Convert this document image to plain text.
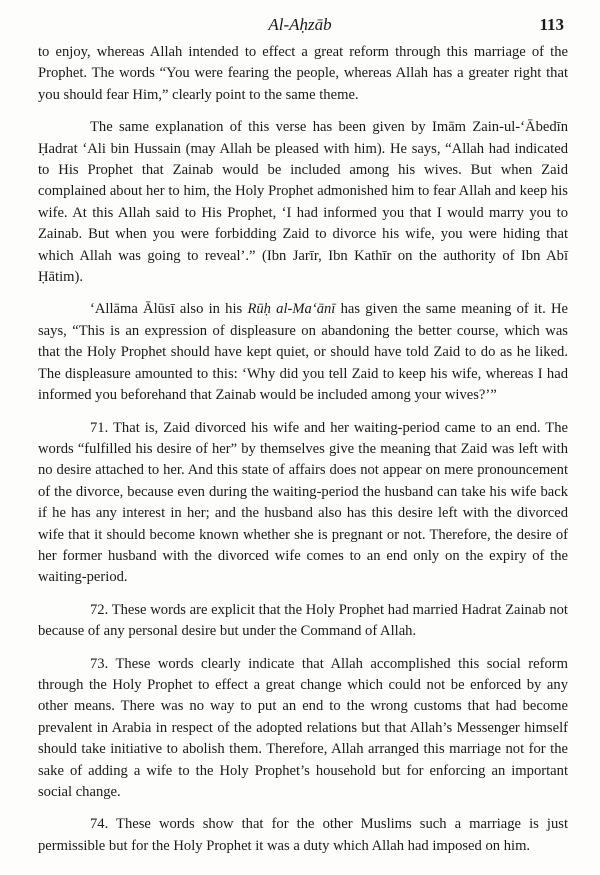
Al-Aḥzāb	113

to enjoy, whereas Allah intended to effect a great reform through this marriage of the Prophet. The words “You were fearing the people, whereas Allah has a greater right that you should fear Him,” clearly point to the same theme.

The same explanation of this verse has been given by Imām Zain-ul-‘Ābedīn Ḥadrat ‘Ali bin Hussain (may Allah be pleased with him). He says, “Allah had indicated to His Prophet that Zainab would be included among his wives. But when Zaid complained about her to him, the Holy Prophet admonished him to fear Allah and keep his wife. At this Allah said to His Prophet, ‘I had informed you that I would marry you to Zainab. But when you were forbidding Zaid to divorce his wife, you were hiding that which Allah was going to reveal’.” (Ibn Jarīr, Ibn Kathīr on the authority of Ibn Abī Ḥātim).

‘Allāma Ālūsī also in his Rūḥ al-Ma‘ānī has given the same meaning of it. He says, “This is an expression of displeasure on abandoning the better course, which was that the Holy Prophet should have kept quiet, or should have told Zaid to do as he liked. The displeasure amounted to this: ‘Why did you tell Zaid to keep his wife, whereas I had informed you beforehand that Zainab would be included among your wives?’”

71. That is, Zaid divorced his wife and her waiting-period came to an end. The words “fulfilled his desire of her” by themselves give the meaning that Zaid was left with no desire attached to her. And this state of affairs does not appear on mere pronouncement of the divorce, because even during the waiting-period the husband can take his wife back if he has any interest in her; and the husband also has this desire left with the divorced wife that it should become known whether she is pregnant or not. Therefore, the desire of her former husband with the divorced wife comes to an end only on the expiry of the waiting-period.

72. These words are explicit that the Holy Prophet had married Hadrat Zainab not because of any personal desire but under the Command of Allah.

73. These words clearly indicate that Allah accomplished this social reform through the Holy Prophet to effect a great change which could not be enforced by any other means. There was no way to put an end to the wrong customs that had become prevalent in Arabia in respect of the adopted relations but that Allah’s Messenger himself should take initiative to abolish them. Therefore, Allah arranged this marriage not for the sake of adding a wife to the Holy Prophet’s household but for enforcing an important social change.

74. These words show that for the other Muslims such a marriage is just permissible but for the Holy Prophet it was a duty which Allah had imposed on him.
